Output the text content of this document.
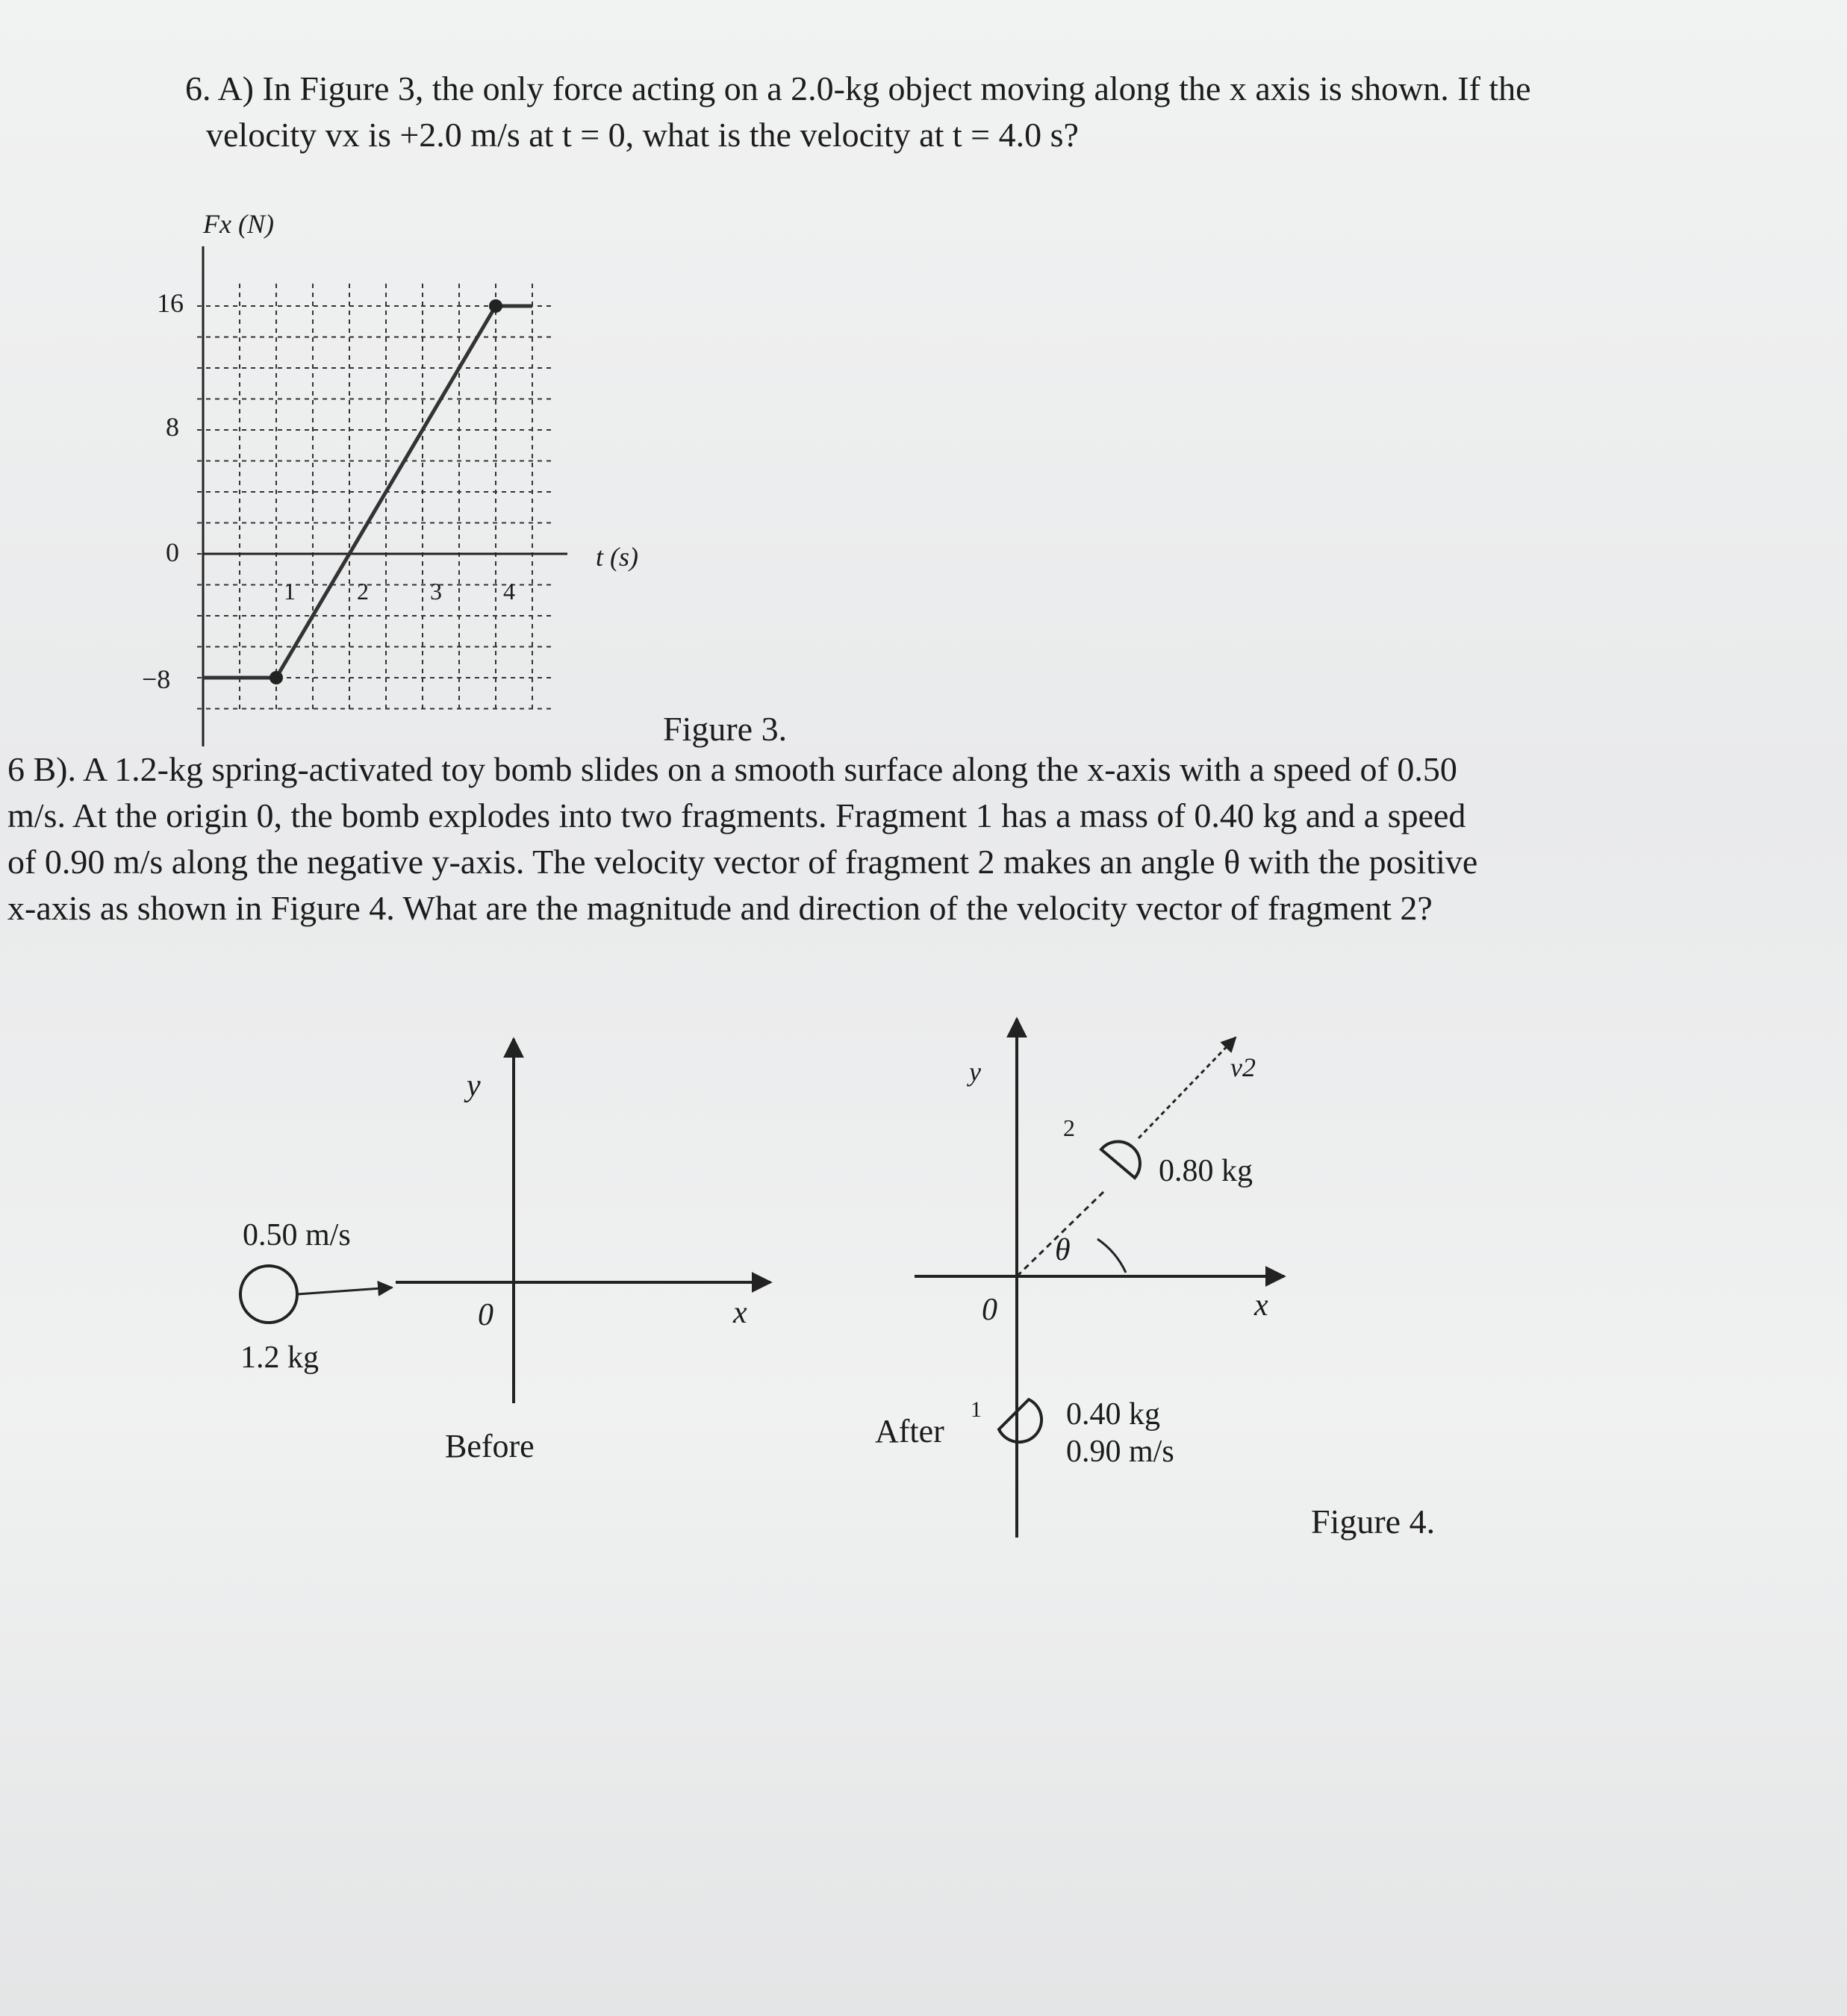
6. A) In Figure 3, the only force acting on a 2.0-kg object moving along the x axis is shown. If the
velocity vx is +2.0 m/s at t = 0, what is the velocity at t = 4.0 s?
16
8
0
−8
1	2	3	4
Fx (N)
t (s)
Figure 3.
6 B). A 1.2-kg spring-activated toy bomb slides on a smooth surface along the x-axis with a speed of 0.50
m/s. At the origin 0, the bomb explodes into two fragments. Fragment 1 has a mass of 0.40 kg and a speed
of 0.90 m/s along the negative y-axis. The velocity vector of fragment 2 makes an angle θ with the positive
x-axis as shown in Figure 4. What are the magnitude and direction of the velocity vector of fragment 2?
0.50 m/s
1.2 kg
0
y
x
Before
2
0.80 kg
v2
θ
1	0.40 kg
0.90 m/s
0
y
x
After
Figure 4.
